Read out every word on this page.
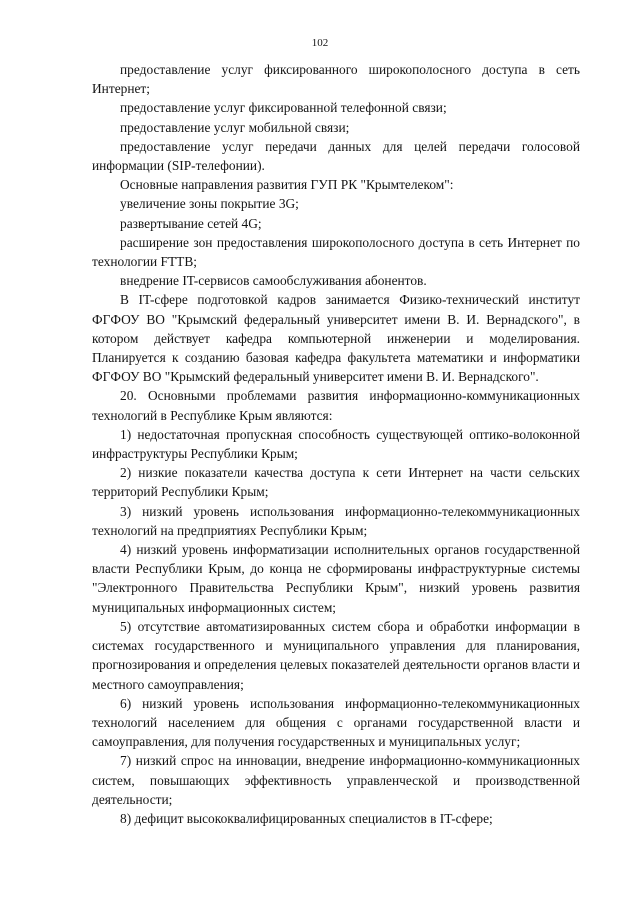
102

предоставление услуг фиксированного широкополосного доступа в сеть Интернет;

предоставление услуг фиксированной телефонной связи;

предоставление услуг мобильной связи;

предоставление услуг передачи данных для целей передачи голосовой информации (SIP-телефонии).

Основные направления развития ГУП РК "Крымтелеком":

увеличение зоны покрытие 3G;

развертывание сетей 4G;

расширение зон предоставления широкополосного доступа в сеть Интернет по технологии FTTB;

внедрение IT-сервисов самообслуживания абонентов.

В IT-сфере подготовкой кадров занимается Физико-технический институт ФГФОУ ВО "Крымский федеральный университет имени В. И. Вернадского", в котором действует кафедра компьютерной инженерии и моделирования. Планируется к созданию базовая кафедра факультета математики и информатики ФГФОУ ВО "Крымский федеральный университет имени В. И. Вернадского".

20. Основными проблемами развития информационно-коммуникационных технологий в Республике Крым являются:

1) недостаточная пропускная способность существующей оптико-волоконной инфраструктуры Республики Крым;

2) низкие показатели качества доступа к сети Интернет на части сельских территорий Республики Крым;

3) низкий уровень использования информационно-телекоммуникационных технологий на предприятиях Республики Крым;

4) низкий уровень информатизации исполнительных органов государственной власти Республики Крым, до конца не сформированы инфраструктурные системы "Электронного Правительства Республики Крым", низкий уровень развития муниципальных информационных систем;

5) отсутствие автоматизированных систем сбора и обработки информации в системах государственного и муниципального управления для планирования, прогнозирования и определения целевых показателей деятельности органов власти и местного самоуправления;

6) низкий уровень использования информационно-телекоммуникационных технологий населением для общения с органами государственной власти и самоуправления, для получения государственных и муниципальных услуг;

7) низкий спрос на инновации, внедрение информационно-коммуникационных систем, повышающих эффективность управленческой и производственной деятельности;

8) дефицит высококвалифицированных специалистов в IT-сфере;
